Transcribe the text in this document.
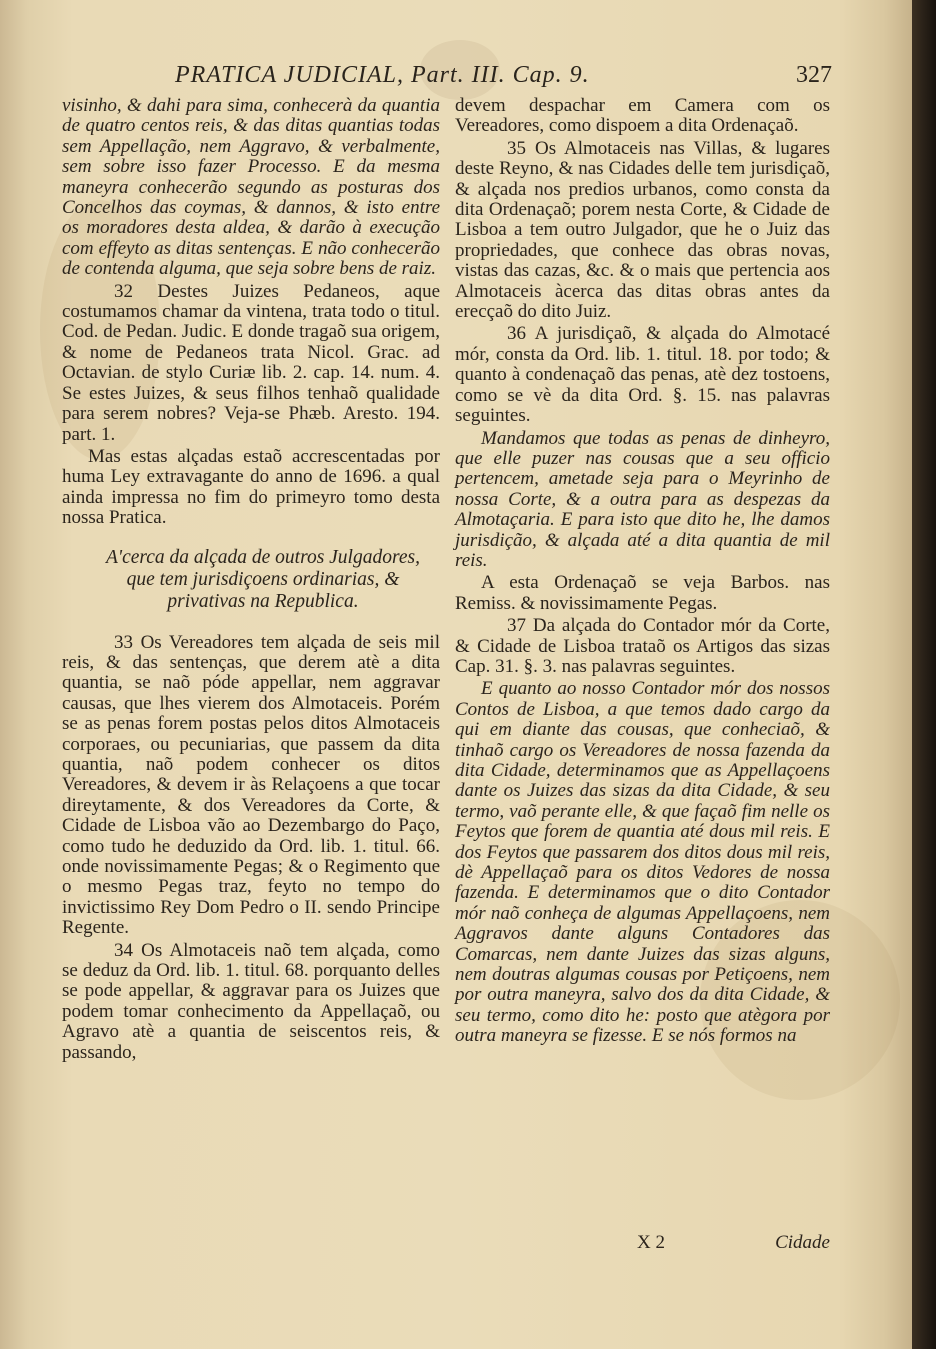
PRATICA JUDICIAL, Part. III. Cap. 9.	327

visinho, & dahi para sima, conhecerà da quantia de quatro centos reis, & das ditas quantias todas sem Appellação, nem Aggravo, & verbalmente, sem sobre isso fazer Processo. E da mesma maneyra conhecerão segundo as posturas dos Concelhos das coymas, & dannos, & isto entre os moradores desta aldea, & darão à execução com effeyto as ditas sentenças. E não conhecerão de contenda alguma, que seja sobre bens de raiz.

32 Destes Juizes Pedaneos, aque costumamos chamar da vintena, trata todo o titul. Cod. de Pedan. Judic. E donde tragaõ sua origem, & nome de Pedaneos trata Nicol. Grac. ad Octavian. de stylo Curiæ lib. 2. cap. 14. num. 4. Se estes Juizes, & seus filhos tenhaõ qualidade para serem nobres? Veja-se Phæb. Aresto. 194. part. 1.

Mas estas alçadas estaõ accrescentadas por huma Ley extravagante do anno de 1696. a qual ainda impressa no fim do primeyro tomo desta nossa Pratica.

A'cerca da alçada de outros Julgadores, que tem jurisdiçoens ordinarias, & privativas na Republica.

33 Os Vereadores tem alçada de seis mil reis, & das sentenças, que derem atè a dita quantia, se naõ póde appellar, nem aggravar causas, que lhes vierem dos Almotaceis. Porém se as penas forem postas pelos ditos Almotaceis corporaes, ou pecuniarias, que passem da dita quantia, naõ podem conhecer os ditos Vereadores, & devem ir às Relaçoens a que tocar direytamente, & dos Vereadores da Corte, & Cidade de Lisboa vão ao Dezembargo do Paço, como tudo he deduzido da Ord. lib. 1. titul. 66. onde novissimamente Pegas; & o Regimento que o mesmo Pegas traz, feyto no tempo do invictissimo Rey Dom Pedro o II. sendo Principe Regente.

34 Os Almotaceis naõ tem alçada, como se deduz da Ord. lib. 1. titul. 68. porquanto delles se pode appellar, & aggravar para os Juizes que podem tomar conhecimento da Appellaçaõ, ou Agravo atè a quantia de seiscentos reis, & passando,

devem despachar em Camera com os Vereadores, como dispoem a dita Ordenaçaõ.

35 Os Almotaceis nas Villas, & lugares deste Reyno, & nas Cidades delle tem jurisdiçaõ, & alçada nos predios urbanos, como consta da dita Ordenaçaõ; porem nesta Corte, & Cidade de Lisboa a tem outro Julgador, que he o Juiz das propriedades, que conhece das obras novas, vistas das cazas, &c. & o mais que pertencia aos Almotaceis àcerca das ditas obras antes da erecçaõ do dito Juiz.

36 A jurisdiçaõ, & alçada do Almotacé mór, consta da Ord. lib. 1. titul. 18. por todo; & quanto à condenaçaõ das penas, atè dez tostoens, como se vè da dita Ord. §. 15. nas palavras seguintes.

Mandamos que todas as penas de dinheyro, que elle puzer nas cousas que a seu officio pertencem, ametade seja para o Meyrinho de nossa Corte, & a outra para as despezas da Almotaçaria. E para isto que dito he, lhe damos jurisdição, & alçada até a dita quantia de mil reis.

A esta Ordenaçaõ se veja Barbos. nas Remiss. & novissimamente Pegas.

37 Da alçada do Contador mór da Corte, & Cidade de Lisboa trataõ os Artigos das sizas Cap. 31. §. 3. nas palavras seguintes.

E quanto ao nosso Contador mór dos nossos Contos de Lisboa, a que temos dado cargo da qui em diante das cousas, que conheciaõ, & tinhaõ cargo os Vereadores de nossa fazenda da dita Cidade, determinamos que as Appellaçoens dante os Juizes das sizas da dita Cidade, & seu termo, vaõ perante elle, & que façaõ fim nelle os Feytos que forem de quantia até dous mil reis. E dos Feytos que passarem dos ditos dous mil reis, dè Appellaçaõ para os ditos Vedores de nossa fazenda. E determinamos que o dito Contador mór naõ conheça de algumas Appellaçoens, nem Aggravos dante alguns Contadores das Comarcas, nem dante Juizes das sizas alguns, nem doutras algumas cousas por Petiçoens, nem por outra maneyra, salvo dos da dita Cidade, & seu termo, como dito he: posto que atègora por outra maneyra se fizesse. E se nós formos na

X 2	Cidade
